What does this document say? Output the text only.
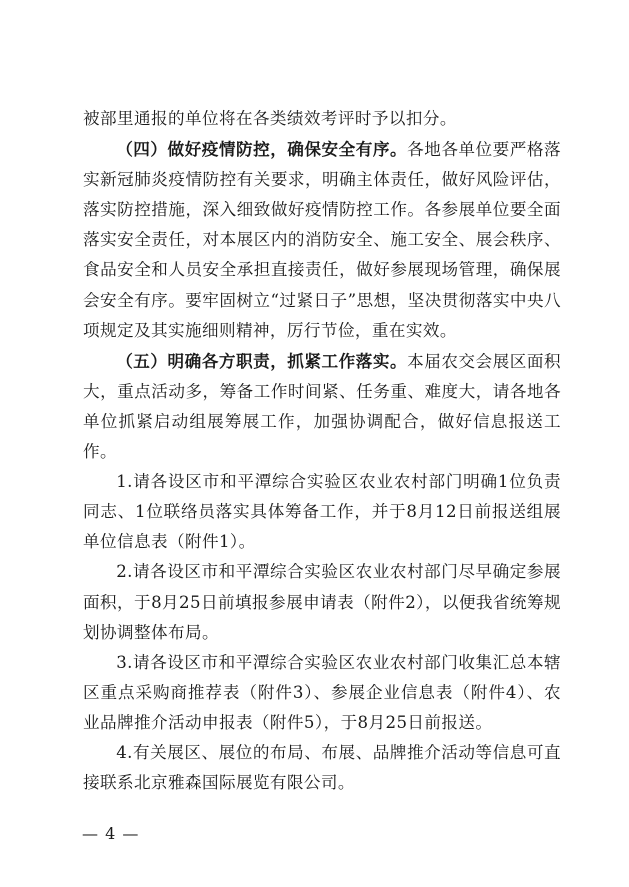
被部里通报的单位将在各类绩效考评时予以扣分。

（四）做好疫情防控，确保安全有序。各地各单位要严格落实新冠肺炎疫情防控有关要求，明确主体责任，做好风险评估，落实防控措施，深入细致做好疫情防控工作。各参展单位要全面落实安全责任，对本展区内的消防安全、施工安全、展会秩序、食品安全和人员安全承担直接责任，做好参展现场管理，确保展会安全有序。要牢固树立“过紧日子”思想，坚决贯彻落实中央八项规定及其实施细则精神，厉行节俭，重在实效。

（五）明确各方职责，抓紧工作落实。本届农交会展区面积大，重点活动多，筹备工作时间紧、任务重、难度大，请各地各单位抓紧启动组展筹展工作，加强协调配合，做好信息报送工作。

1.请各设区市和平潭综合实验区农业农村部门明确1位负责同志、1位联络员落实具体筹备工作，并于8月12日前报送组展单位信息表（附件1）。

2.请各设区市和平潭综合实验区农业农村部门尽早确定参展面积，于8月25日前填报参展申请表（附件2），以便我省统筹规划协调整体布局。

3.请各设区市和平潭综合实验区农业农村部门收集汇总本辖区重点采购商推荐表（附件3）、参展企业信息表（附件4）、农业品牌推介活动申报表（附件5），于8月25日前报送。

4.有关展区、展位的布局、布展、品牌推介活动等信息可直接联系北京雅森国际展览有限公司。

— 4 —
